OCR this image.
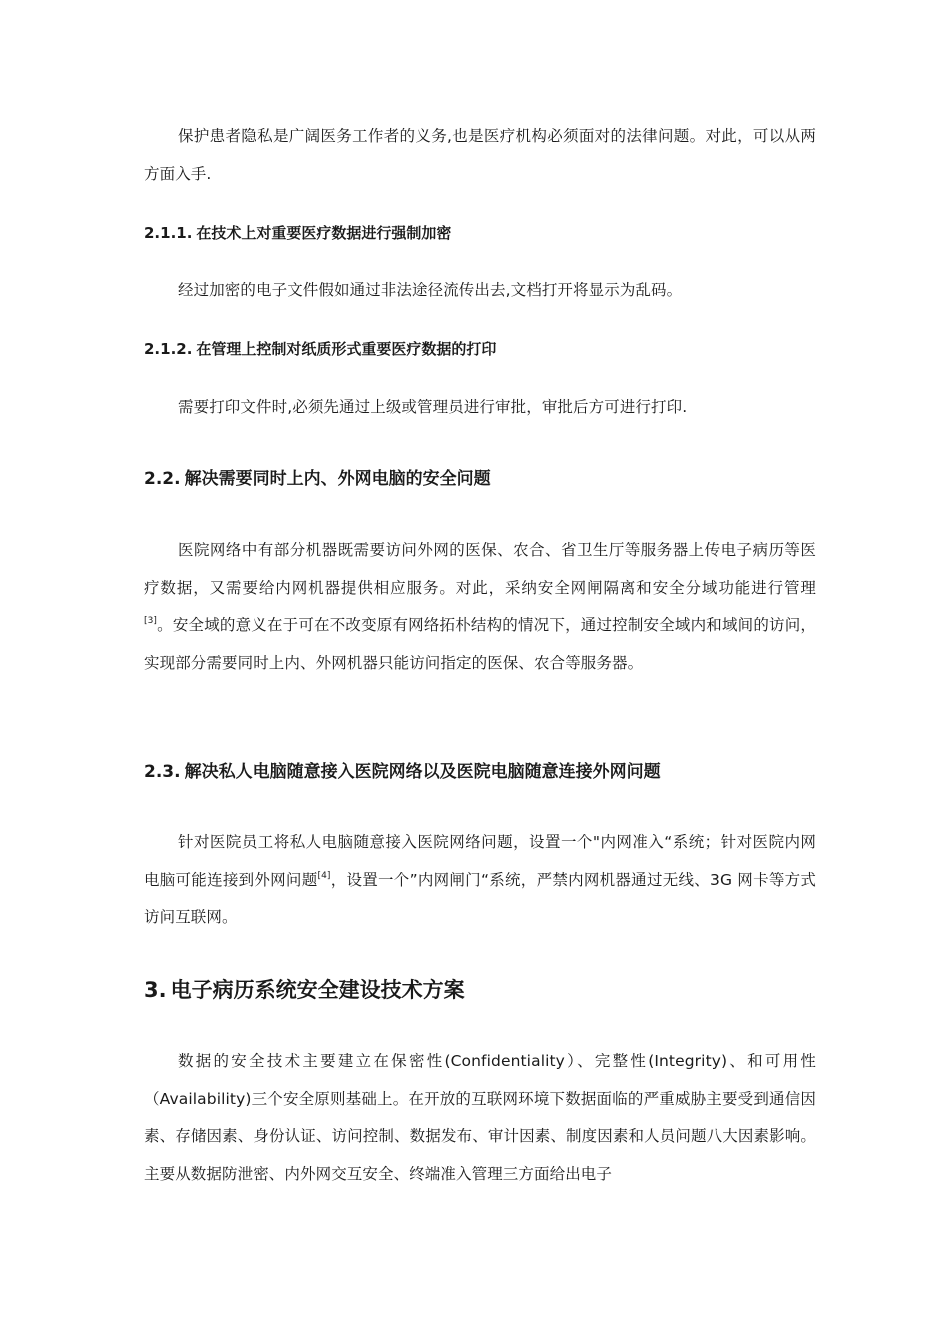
保护患者隐私是广阔医务工作者的义务,也是医疗机构必须面对的法律问题。对此，可以从两方面入手.

2.1.1. 在技术上对重要医疗数据进行强制加密

经过加密的电子文件假如通过非法途径流传出去,文档打开将显示为乱码。

2.1.2. 在管理上控制对纸质形式重要医疗数据的打印

需要打印文件时,必须先通过上级或管理员进行审批，审批后方可进行打印.

2.2. 解决需要同时上内、外网电脑的安全问题

医院网络中有部分机器既需要访问外网的医保、农合、省卫生厅等服务器上传电子病历等医疗数据，又需要给内网机器提供相应服务。对此，采纳安全网闸隔离和安全分域功能进行管理 [3]。安全域的意义在于可在不改变原有网络拓朴结构的情况下，通过控制安全域内和域间的访问，实现部分需要同时上内、外网机器只能访问指定的医保、农合等服务器。

2.3. 解决私人电脑随意接入医院网络以及医院电脑随意连接外网问题

针对医院员工将私人电脑随意接入医院网络问题，设置一个"内网准入“系统；针对医院内网电脑可能连接到外网问题[4]，设置一个”内网闸门“系统，严禁内网机器通过无线、3G 网卡等方式访问互联网。

3. 电子病历系统安全建设技术方案

数据的安全技术主要建立在保密性(Confidentiality）、完整性(Integrity)、和可用性（Availability)三个安全原则基础上。在开放的互联网环境下数据面临的严重威胁主要受到通信因素、存储因素、身份认证、访问控制、数据发布、审计因素、制度因素和人员问题八大因素影响。主要从数据防泄密、内外网交互安全、终端准入管理三方面给出电子
